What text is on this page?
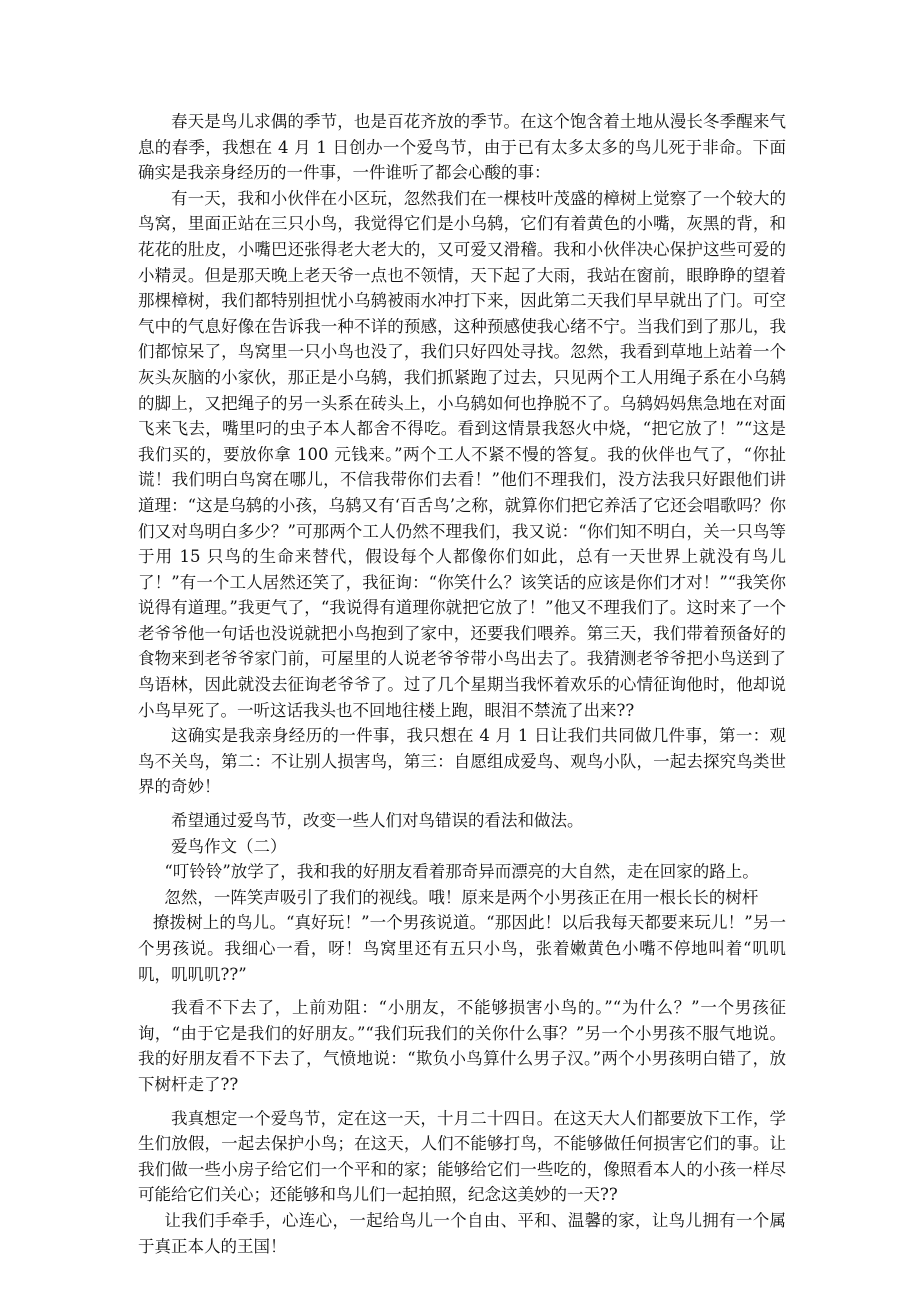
春天是鸟儿求偶的季节，也是百花齐放的季节。在这个饱含着土地从漫长冬季醒来气息的春季，我想在 4 月 1 日创办一个爱鸟节，由于已有太多太多的鸟儿死于非命。下面确实是我亲身经历的一件事，一件谁听了都会心酸的事：

有一天，我和小伙伴在小区玩，忽然我们在一棵枝叶茂盛的樟树上觉察了一个较大的鸟窝，里面正站在三只小鸟，我觉得它们是小乌鸫，它们有着黄色的小嘴，灰黑的背，和花花的肚皮，小嘴巴还张得老大老大的，又可爱又滑稽。我和小伙伴决心保护这些可爱的小精灵。但是那天晚上老天爷一点也不领情，天下起了大雨，我站在窗前，眼睁睁的望着那棵樟树，我们都特别担忧小乌鸫被雨水冲打下来，因此第二天我们早早就出了门。可空气中的气息好像在告诉我一种不详的预感，这种预感使我心绪不宁。当我们到了那儿，我们都惊呆了，鸟窝里一只小鸟也没了，我们只好四处寻找。忽然，我看到草地上站着一个灰头灰脑的小家伙，那正是小乌鸫，我们抓紧跑了过去，只见两个工人用绳子系在小乌鸫的脚上，又把绳子的另一头系在砖头上，小乌鸫如何也挣脱不了。乌鸫妈妈焦急地在对面飞来飞去，嘴里叼的虫子本人都舍不得吃。看到这情景我怒火中烧，“把它放了！”“这是我们买的，要放你拿 100 元钱来。”两个工人不紧不慢的答复。我的伙伴也气了，“你扯谎！我们明白鸟窝在哪儿，不信我带你们去看！”他们不理我们，没方法我只好跟他们讲道理：“这是乌鸫的小孩，乌鸫又有‘百舌鸟’之称，就算你们把它养活了它还会唱歌吗？你们又对鸟明白多少？”可那两个工人仍然不理我们，我又说：“你们知不明白，关一只鸟等于用 15 只鸟的生命来替代，假设每个人都像你们如此，总有一天世界上就没有鸟儿了！”有一个工人居然还笑了，我征询：“你笑什么？该笑话的应该是你们才对！”“我笑你说得有道理。”我更气了，“我说得有道理你就把它放了！”他又不理我们了。这时来了一个老爷爷他一句话也没说就把小鸟抱到了家中，还要我们喂养。第三天，我们带着预备好的食物来到老爷爷家门前，可屋里的人说老爷爷带小鸟出去了。我猜测老爷爷把小鸟送到了鸟语林，因此就没去征询老爷爷了。过了几个星期当我怀着欢乐的心情征询他时，他却说小鸟早死了。一听这话我头也不回地往楼上跑，眼泪不禁流了出来??

这确实是我亲身经历的一件事，我只想在 4 月 1 日让我们共同做几件事，第一：观鸟不关鸟，第二：不让别人损害鸟，第三：自愿组成爱鸟、观鸟小队，一起去探究鸟类世界的奇妙！

希望通过爱鸟节，改变一些人们对鸟错误的看法和做法。

爱鸟作文（二）

“叮铃铃”放学了，我和我的好朋友看着那奇异而漂亮的大自然，走在回家的路上。

忽然，一阵笑声吸引了我们的视线。哦！原来是两个小男孩正在用一根长长的树杆

撩拨树上的鸟儿。“真好玩！”一个男孩说道。“那因此！以后我每天都要来玩儿！”另一个男孩说。我细心一看，呀！鸟窝里还有五只小鸟，张着嫩黄色小嘴不停地叫着“叽叽叽，叽叽叽??”

我看不下去了，上前劝阻：“小朋友，不能够损害小鸟的。”“为什么？”一个男孩征询，“由于它是我们的好朋友。”“我们玩我们的关你什么事？”另一个小男孩不服气地说。我的好朋友看不下去了，气愤地说：“欺负小鸟算什么男子汉。”两个小男孩明白错了，放下树杆走了??

我真想定一个爱鸟节，定在这一天，十月二十四日。在这天大人们都要放下工作，学生们放假，一起去保护小鸟；在这天，人们不能够打鸟，不能够做任何损害它们的事。让我们做一些小房子给它们一个平和的家；能够给它们一些吃的，像照看本人的小孩一样尽可能给它们关心；还能够和鸟儿们一起拍照，纪念这美妙的一天??

让我们手牵手，心连心，一起给鸟儿一个自由、平和、温馨的家，让鸟儿拥有一个属于真正本人的王国！
